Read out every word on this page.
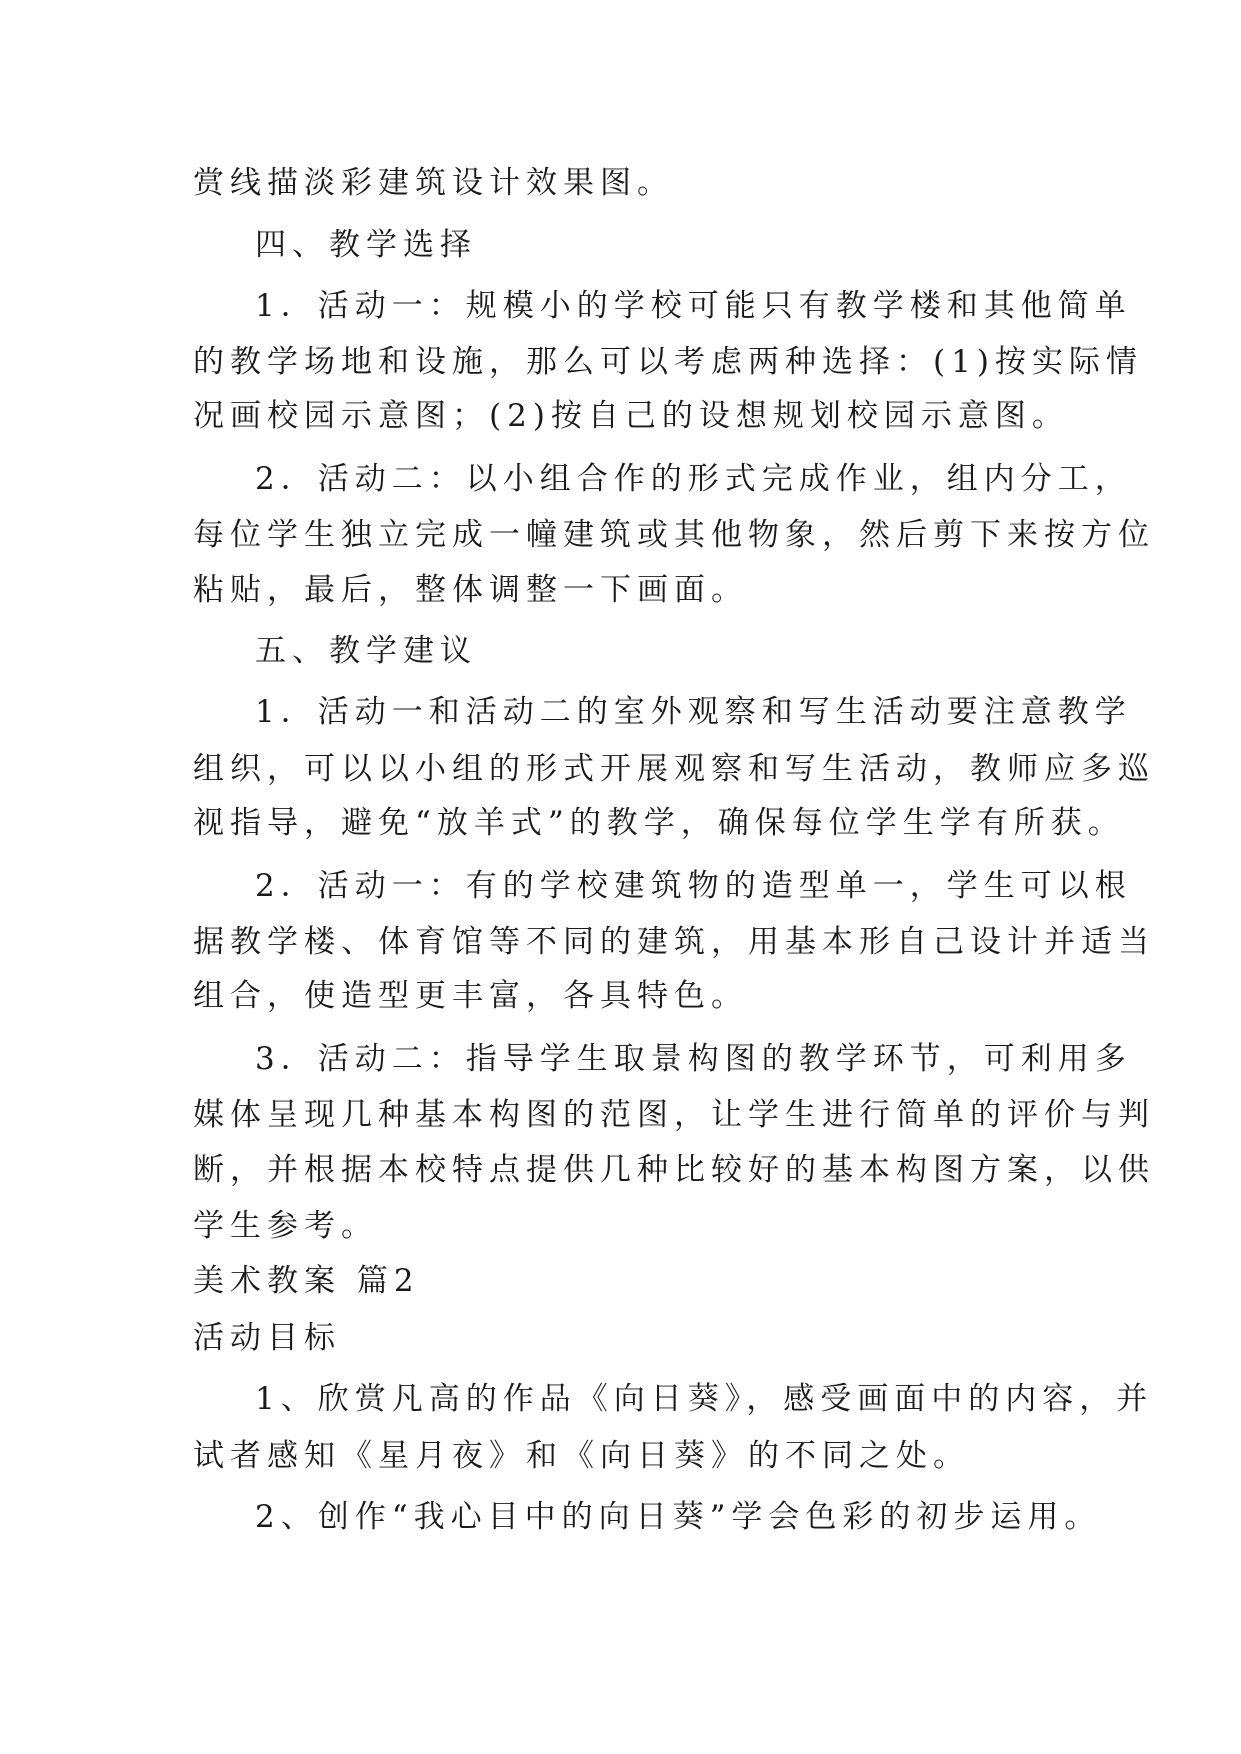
赏线描淡彩建筑设计效果图。
四、教学选择
1．活动一：规模小的学校可能只有教学楼和其他简单
的教学场地和设施，那么可以考虑两种选择：(1)按实际情
况画校园示意图；(2)按自己的设想规划校园示意图。
2．活动二：以小组合作的形式完成作业，组内分工，
每位学生独立完成一幢建筑或其他物象，然后剪下来按方位
粘贴，最后，整体调整一下画面。
五、教学建议
1．活动一和活动二的室外观察和写生活动要注意教学
组织，可以以小组的形式开展观察和写生活动，教师应多巡
视指导，避免“放羊式”的教学，确保每位学生学有所获。
2．活动一：有的学校建筑物的造型单一，学生可以根
据教学楼、体育馆等不同的建筑，用基本形自己设计并适当
组合，使造型更丰富，各具特色。
3．活动二：指导学生取景构图的教学环节，可利用多
媒体呈现几种基本构图的范图，让学生进行简单的评价与判
断，并根据本校特点提供几种比较好的基本构图方案，以供
学生参考。
美术教案 篇2
活动目标
1、欣赏凡高的作品《向日葵》，感受画面中的内容，并
试者感知《星月夜》和《向日葵》的不同之处。
2、创作“我心目中的向日葵”学会色彩的初步运用。
